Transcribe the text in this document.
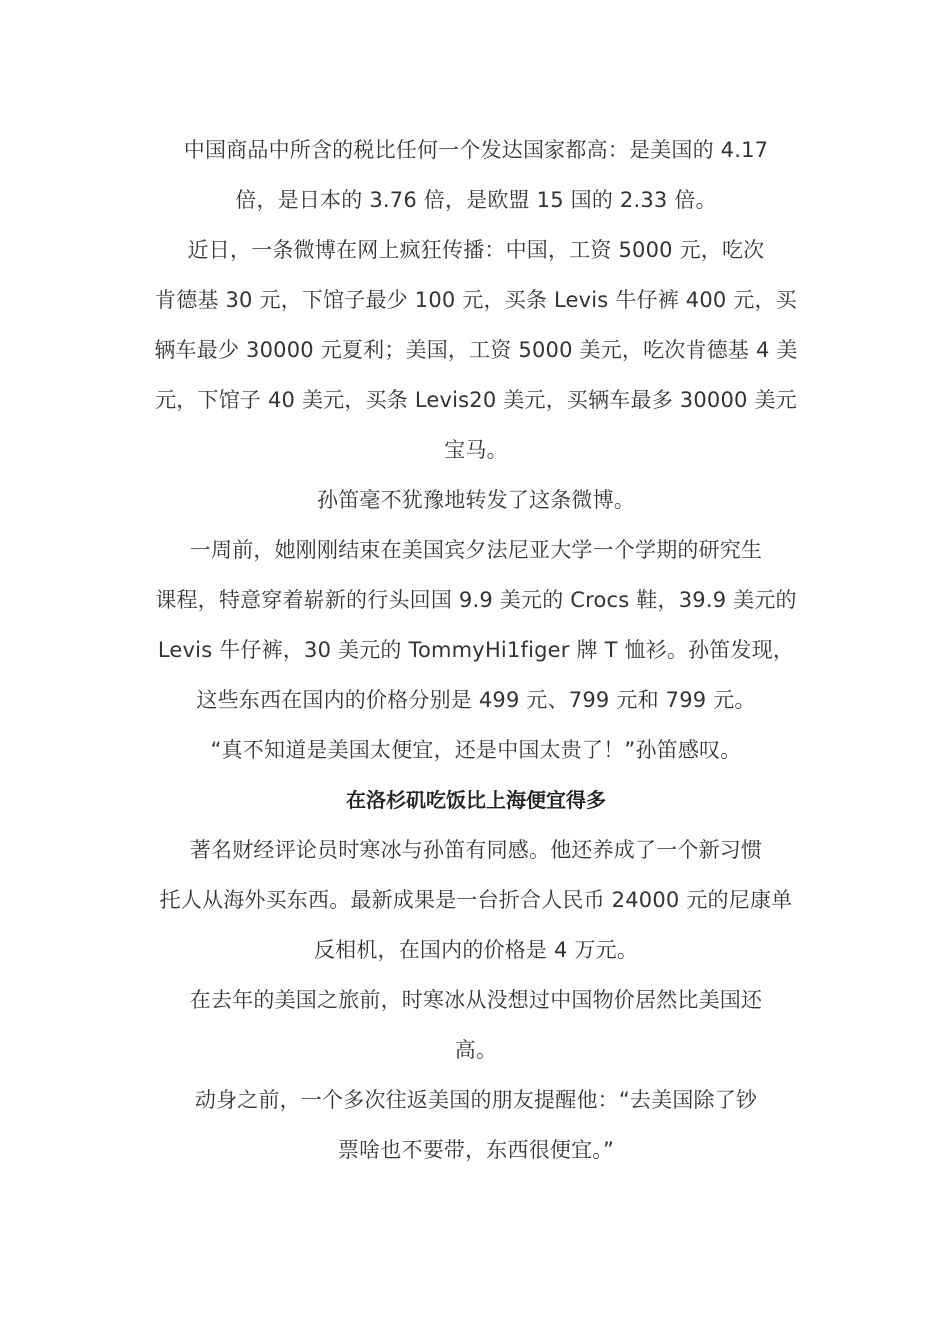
中国商品中所含的税比任何一个发达国家都高：是美国的 4.17
倍，是日本的 3.76 倍，是欧盟 15 国的 2.33 倍。

近日，一条微博在网上疯狂传播：中国，工资 5000 元，吃次
肯德基 30 元，下馆子最少 100 元，买条 Levis 牛仔裤 400 元，买
辆车最少 30000 元夏利；美国，工资 5000 美元，吃次肯德基 4 美
元，下馆子 40 美元，买条 Levis20 美元，买辆车最多 30000 美元
宝马。

孙笛毫不犹豫地转发了这条微博。

一周前，她刚刚结束在美国宾夕法尼亚大学一个学期的研究生
课程，特意穿着崭新的行头回国 9.9 美元的 Crocs 鞋，39.9 美元的
Levis 牛仔裤，30 美元的 TommyHi1figer 牌 T 恤衫。孙笛发现，
这些东西在国内的价格分别是 499 元、799 元和 799 元。

“真不知道是美国太便宜，还是中国太贵了！”孙笛感叹。

在洛杉矶吃饭比上海便宜得多

著名财经评论员时寒冰与孙笛有同感。他还养成了一个新习惯
托人从海外买东西。最新成果是一台折合人民币 24000 元的尼康单
反相机，在国内的价格是 4 万元。

在去年的美国之旅前，时寒冰从没想过中国物价居然比美国还
高。

动身之前，一个多次往返美国的朋友提醒他：“去美国除了钞
票啥也不要带，东西很便宜。”
